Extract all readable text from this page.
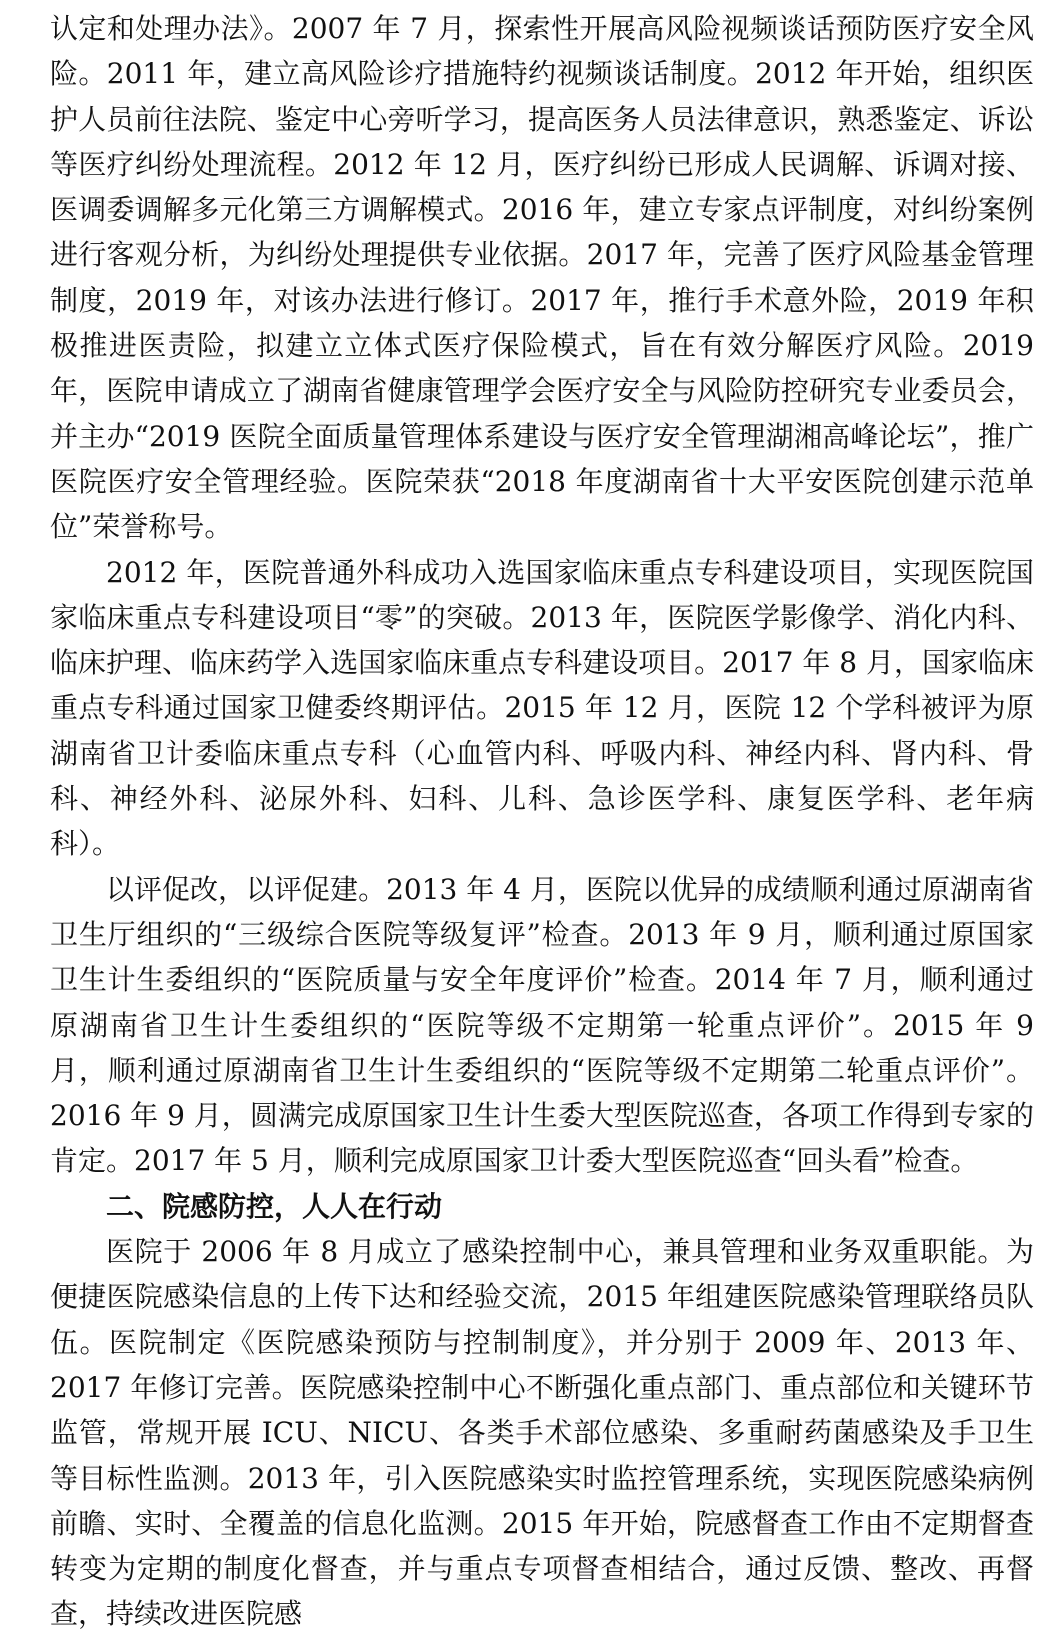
认定和处理办法》。2007 年 7 月，探索性开展高风险视频谈话预防医疗安全风险。2011 年，建立高风险诊疗措施特约视频谈话制度。2012 年开始，组织医护人员前往法院、鉴定中心旁听学习，提高医务人员法律意识，熟悉鉴定、诉讼等医疗纠纷处理流程。2012 年 12 月，医疗纠纷已形成人民调解、诉调对接、医调委调解多元化第三方调解模式。2016 年，建立专家点评制度，对纠纷案例进行客观分析，为纠纷处理提供专业依据。2017 年，完善了医疗风险基金管理制度，2019 年，对该办法进行修订。2017 年，推行手术意外险，2019 年积极推进医责险，拟建立立体式医疗保险模式，旨在有效分解医疗风险。2019 年，医院申请成立了湖南省健康管理学会医疗安全与风险防控研究专业委员会，并主办“2019 医院全面质量管理体系建设与医疗安全管理湖湘高峰论坛”，推广医院医疗安全管理经验。医院荣获“2018 年度湖南省十大平安医院创建示范单位”荣誉称号。

2012 年，医院普通外科成功入选国家临床重点专科建设项目，实现医院国家临床重点专科建设项目“零”的突破。2013 年，医院医学影像学、消化内科、临床护理、临床药学入选国家临床重点专科建设项目。2017 年 8 月，国家临床重点专科通过国家卫健委终期评估。2015 年 12 月，医院 12 个学科被评为原湖南省卫计委临床重点专科（心血管内科、呼吸内科、神经内科、肾内科、骨科、神经外科、泌尿外科、妇科、儿科、急诊医学科、康复医学科、老年病科）。

以评促改，以评促建。2013 年 4 月，医院以优异的成绩顺利通过原湖南省卫生厅组织的“三级综合医院等级复评”检查。2013 年 9 月，顺利通过原国家卫生计生委组织的“医院质量与安全年度评价”检查。2014 年 7 月，顺利通过原湖南省卫生计生委组织的“医院等级不定期第一轮重点评价”。2015 年 9 月，顺利通过原湖南省卫生计生委组织的“医院等级不定期第二轮重点评价”。2016 年 9 月，圆满完成原国家卫生计生委大型医院巡查，各项工作得到专家的肯定。2017 年 5 月，顺利完成原国家卫计委大型医院巡查“回头看”检查。

二、院感防控，人人在行动

医院于 2006 年 8 月成立了感染控制中心，兼具管理和业务双重职能。为便捷医院感染信息的上传下达和经验交流，2015 年组建医院感染管理联络员队伍。医院制定《医院感染预防与控制制度》，并分别于 2009 年、2013 年、2017 年修订完善。医院感染控制中心不断强化重点部门、重点部位和关键环节监管，常规开展 ICU、NICU、各类手术部位感染、多重耐药菌感染及手卫生等目标性监测。2013 年，引入医院感染实时监控管理系统，实现医院感染病例前瞻、实时、全覆盖的信息化监测。2015 年开始，院感督查工作由不定期督查转变为定期的制度化督查，并与重点专项督查相结合，通过反馈、整改、再督查，持续改进医院感
